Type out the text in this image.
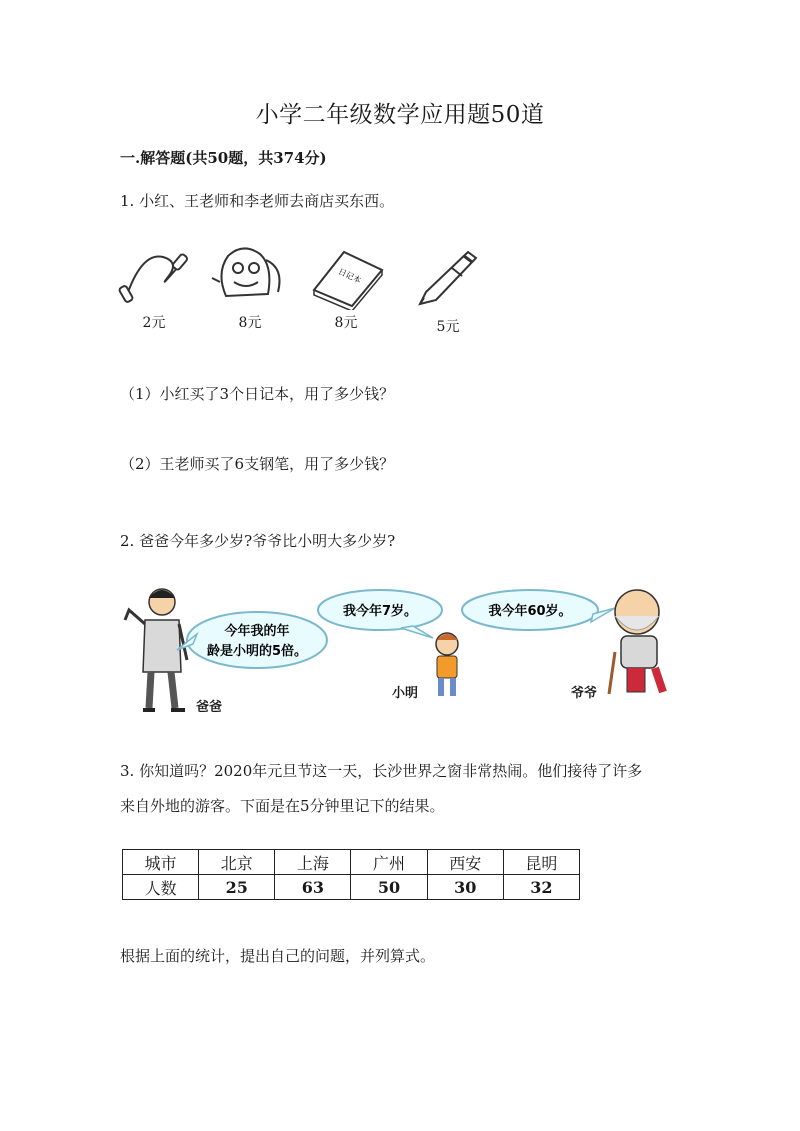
小学二年级数学应用题50道
一.解答题(共50题，共374分)
1. 小红、王老师和李老师去商店买东西。
日记本
2元	8元	8元	5元
（1）小红买了3个日记本，用了多少钱？
（2）王老师买了6支钢笔，用了多少钱？
2. 爸爸今年多少岁?爷爷比小明大多少岁?
今年我的年
龄是小明的5倍。
我今年7岁。	我今年60岁。
爸爸
小明	爷爷
3. 你知道吗？2020年元旦节这一天，长沙世界之窗非常热闹。他们接待了许多
来自外地的游客。下面是在5分钟里记下的结果。
城市	北京	上海	广州	西安	昆明
人数	25	63	50	30	32
根据上面的统计，提出自己的问题，并列算式。
